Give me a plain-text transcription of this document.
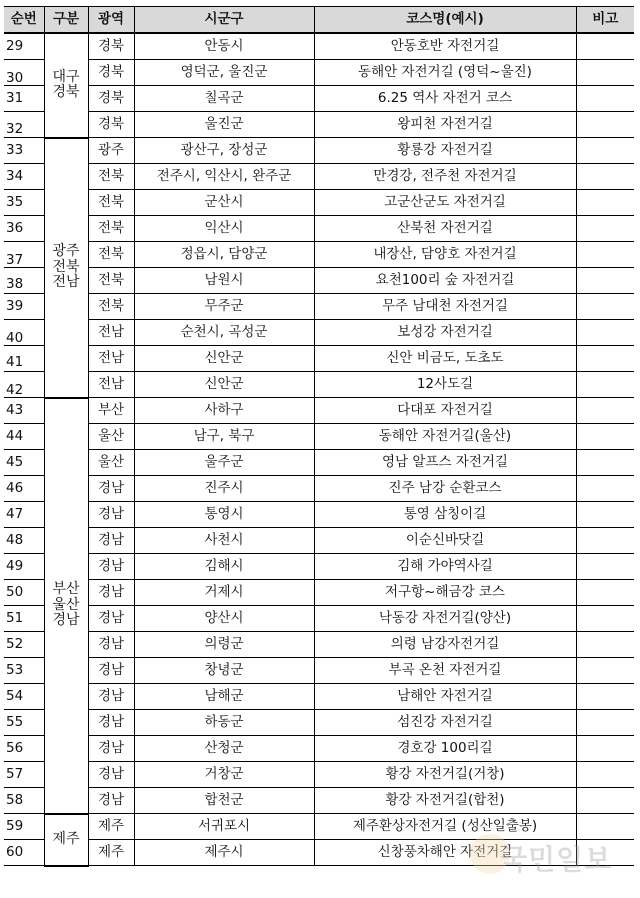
순번	구분	광역	시군구	코스명(예시)	비고
29	대구경북	경북	안동시	안동호반 자전거길	
30		경북	영덕군, 울진군	동해안 자전거길 (영덕~울진)	
31		경북	칠곡군	6.25 역사 자전거 코스	
32		경북	울진군	왕피천 자전거길	
33	광주전북전남	광주	광산구, 장성군	황룡강 자전거길	
34		전북	전주시, 익산시, 완주군	만경강, 전주천 자전거길	
35		전북	군산시	고군산군도 자전거길	
36		전북	익산시	산북천 자전거길	
37		전북	정읍시, 담양군	내장산, 담양호 자전거길	
38		전북	남원시	요천100리 숲 자전거길	
39		전북	무주군	무주 남대천 자전거길	
40		전남	순천시, 곡성군	보성강 자전거길	
41		전남	신안군	신안 비금도, 도초도	
42		전남	신안군	12사도길	
43	부산울산경남	부산	사하구	다대포 자전거길	
44		울산	남구, 북구	동해안 자전거길(울산)	
45		울산	울주군	영남 알프스 자전거길	
46		경남	진주시	진주 남강 순환코스	
47		경남	통영시	통영 삼칭이길	
48		경남	사천시	이순신바닷길	
49		경남	김해시	김해 가야역사길	
50		경남	거제시	저구항~해금강 코스	
51		경남	양산시	낙동강 자전거길(양산)	
52		경남	의령군	의령 남강자전거길	
53		경남	창녕군	부곡 온천 자전거길	
54		경남	남해군	남해안 자전거길	
55		경남	하동군	섬진강 자전거길	
56		경남	산청군	경호강 100리길	
57		경남	거창군	황강 자전거길(거창)	
58		경남	합천군	황강 자전거길(합천)	
59	제주	제주	서귀포시	제주환상자전거길 (성산일출봉)	
60		제주	제주시	신창풍차해안 자전거길	
국민일보
